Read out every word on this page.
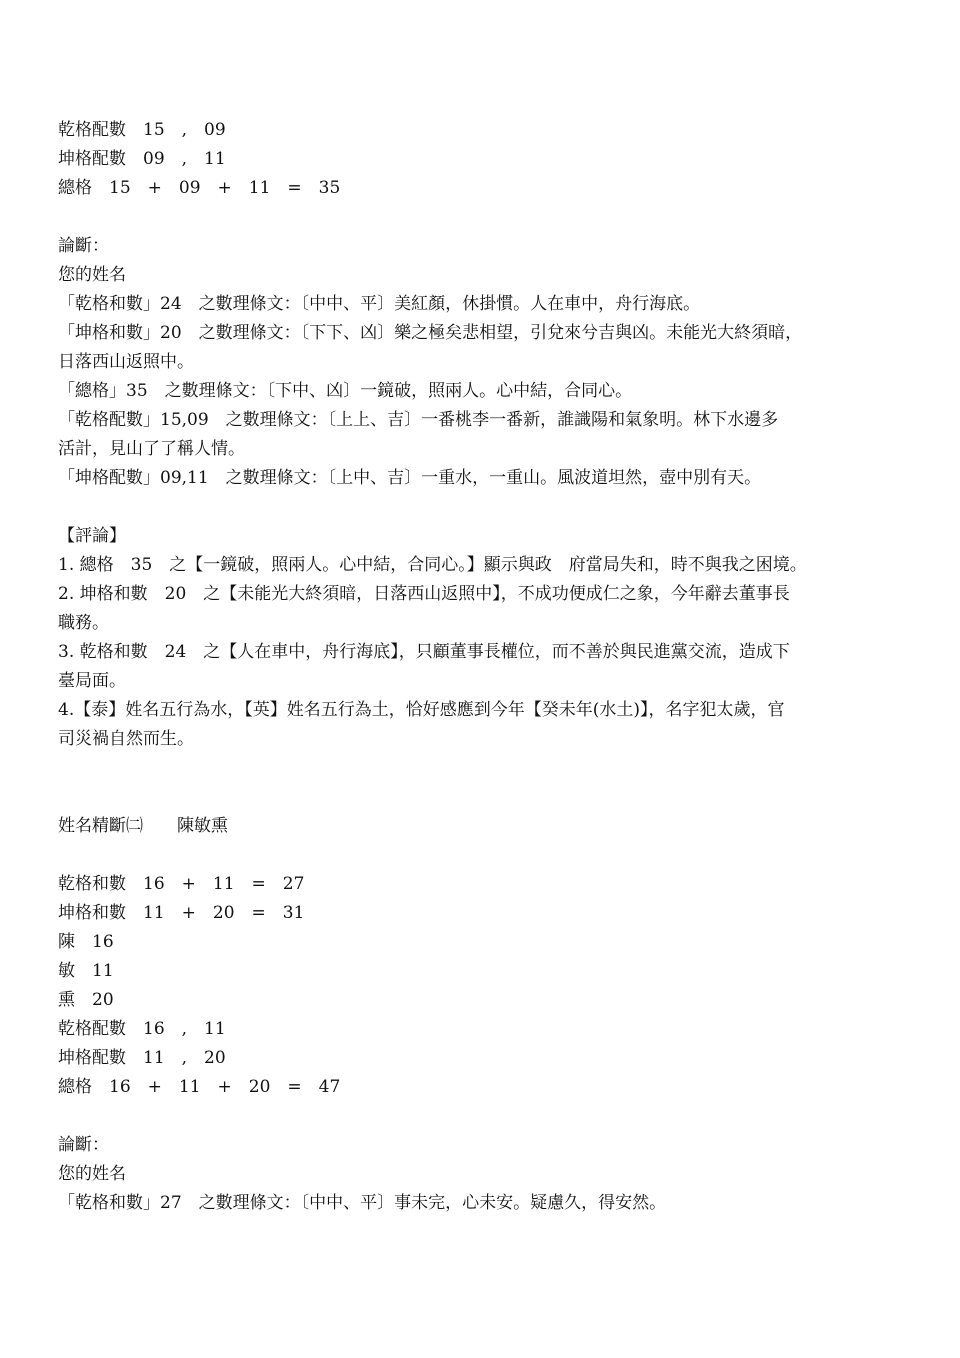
乾格配數　15　,　09
坤格配數　09　,　11
總格　15　+　09　+　11　=　35
論斷：
您的姓名
「乾格和數」24　之數理條文：〔中中、平〕美紅顏，休掛慣。人在車中，舟行海底。
「坤格和數」20　之數理條文：〔下下、凶〕樂之極矣悲相望，引兌來兮吉與凶。未能光大終須暗，
日落西山返照中。
「總格」35　之數理條文：〔下中、凶〕一鏡破，照兩人。心中結，合同心。
「乾格配數」15,09　之數理條文：〔上上、吉〕一番桃李一番新，誰識陽和氣象明。林下水邊多
活計，見山了了稱人情。
「坤格配數」09,11　之數理條文：〔上中、吉〕一重水，一重山。風波道坦然，壺中別有天。
【評論】
1. 總格　35　之【一鏡破，照兩人。心中結，合同心。】顯示與政　府當局失和，時不與我之困境。
2. 坤格和數　20　之【未能光大終須暗，日落西山返照中】，不成功便成仁之象，今年辭去董事長
職務。
3. 乾格和數　24　之【人在車中，舟行海底】，只顧董事長權位，而不善於與民進黨交流，造成下
臺局面。
4.【泰】姓名五行為水，【英】姓名五行為土，恰好感應到今年【癸未年(水土)】，名字犯太歲，官
司災禍自然而生。
姓名精斷㈡　　陳敏熏
乾格和數　16　+　11　=　27
坤格和數　11　+　20　=　31
陳　16
敏　11
熏　20
乾格配數　16　,　11
坤格配數　11　,　20
總格　16　+　11　+　20　=　47
論斷：
您的姓名
「乾格和數」27　之數理條文：〔中中、平〕事未完，心未安。疑慮久，得安然。
